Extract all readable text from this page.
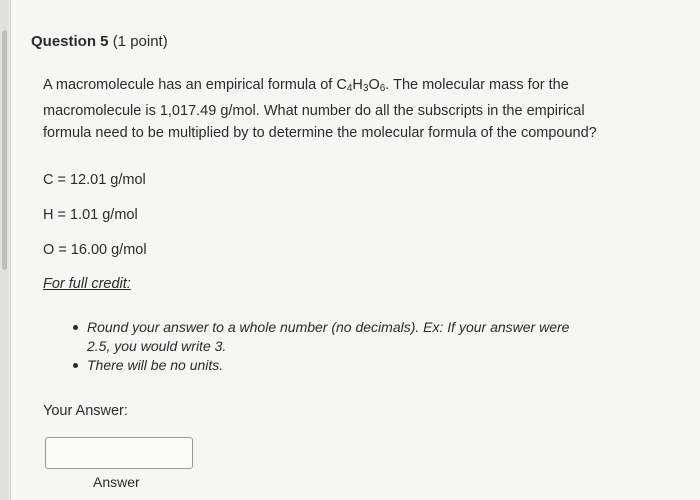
Question 5 (1 point)

A macromolecule has an empirical formula of $C_4H_3O_6$. The molecular mass for the macromolecule is 1,017.49 g/mol. What number do all the subscripts in the empirical formula need to be multiplied by to determine the molecular formula of the compound?

C = 12.01 g/mol

H = 1.01 g/mol

O = 16.00 g/mol

For full credit:

Round your answer to a whole number (no decimals). Ex: If your answer were 2.5, you would write 3.
There will be no units.

Your Answer:

Answer
